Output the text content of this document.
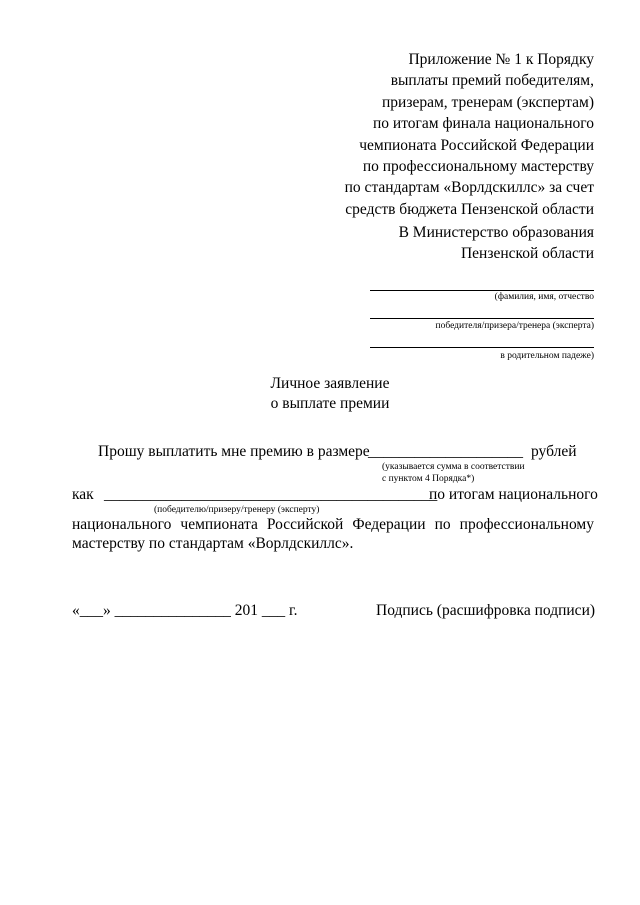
Приложение № 1 к Порядку
выплаты премий победителям,
призерам, тренерам (экспертам)
по итогам финала национального
чемпионата Российской Федерации
по профессиональному мастерству
по стандартам «Ворлдскиллс» за счет
средств бюджета Пензенской области
В Министерство образования
Пензенской области
(фамилия, имя, отчество
победителя/призера/тренера (эксперта)
в родительном падеже)
Личное заявление
о выплате премии
Прошу выплатить мне премию в размере
____________________ рублей
(указывается сумма в соответствии
с пунктом 4 Порядка*)
как ___________________________________________
по итогам национального
(победителю/призеру/тренеру (эксперту)
национального чемпионата Российской Федерации по профессиональному
мастерству по стандартам «Ворлдскиллс».
«___» _______________ 201 ___ г.	Подпись (расшифровка подписи)
